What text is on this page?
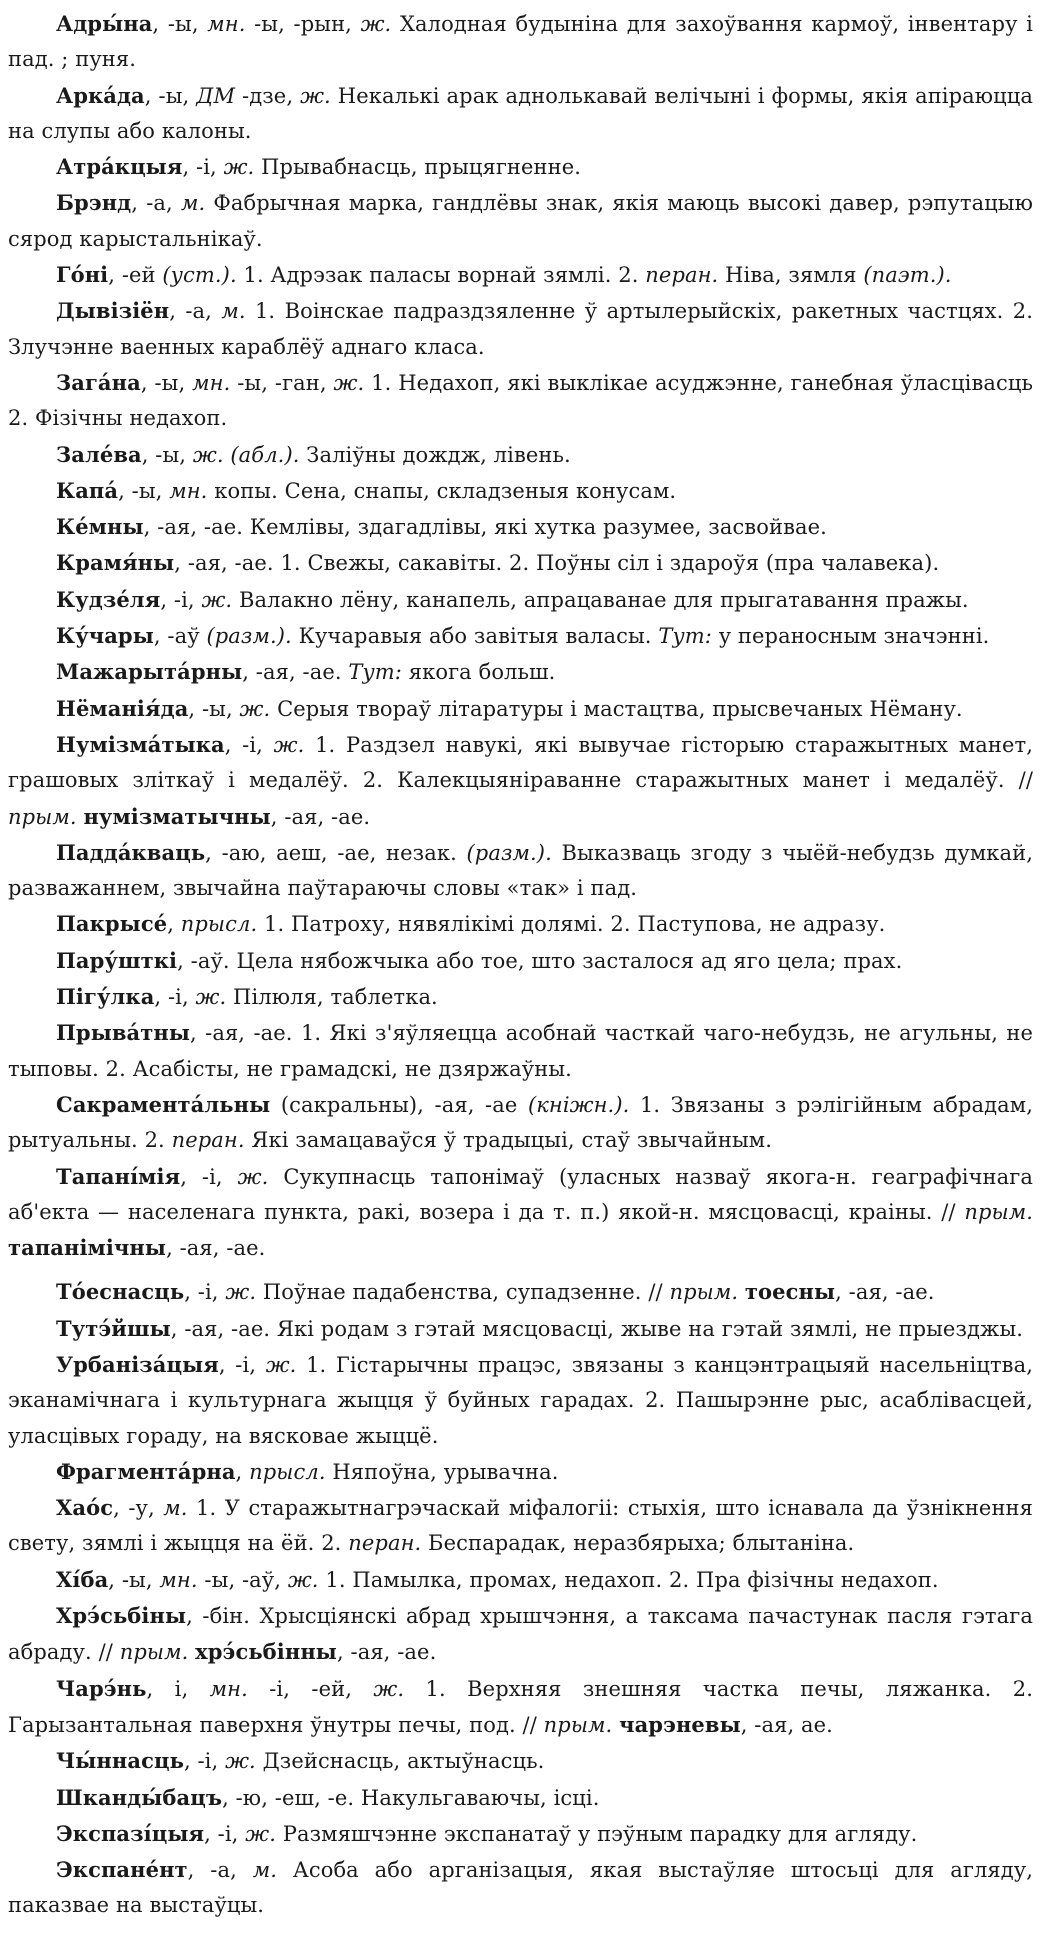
Адры́на, -ы, мн. -ы, -рын, ж. Халодная будыніна для захоўвання кармоў, інвентару і пад. ; пуня.

Арка́да, -ы, ДМ -дзе, ж. Некалькі арак аднолькавай велічыні і формы, якія апіраюцца на слупы або калоны.

Атра́кцыя, -і, ж. Прывабнасць, прыцягненне.

Брэнд, -а, м. Фабрычная марка, гандлёвы знак, якія маюць высокі давер, рэпутацыю сярод карыстальнікаў.

Го́ні, -ей (уст.). 1. Адрэзак паласы ворнай зямлі. 2. перан. Ніва, зямля (паэт.).

Дывізіён, -а, м. 1. Воінскае падраздзяленне ў артылерыйскіх, ракетных частцях. 2. Злучэнне ваенных караблёў аднаго класа.

Зага́на, -ы, мн. -ы, -ган, ж. 1. Недахоп, які выклікае асуджэнне, ганебная ўласцівасць 2. Фізічны недахоп.

Зале́ва, -ы, ж. (абл.). Заліўны дождж, лівень.

Капа́, -ы, мн. копы. Сена, снапы, складзеныя конусам.

Ке́мны, -ая, -ае. Кемлівы, здагадлівы, які хутка разумее, засвойвае.

Крамя́ны, -ая, -ае. 1. Свежы, сакавіты. 2. Поўны сіл і здароўя (пра чалавека).

Кудзе́ля, -і, ж. Валакно лёну, канапель, апрацаванае для прыгатавання пражы.

Ку́чары, -аў (разм.). Кучаравыя або завітыя валасы. Тут: у пераносным значэнні.

Мажарыта́рны, -ая, -ае. Тут: якога больш.

Нёманія́да, -ы, ж. Серыя твораў літаратуры і мастацтва, прысвечаных Нёману.

Нумізма́тыка, -і, ж. 1. Раздзел навукі, які вывучае гісторыю старажытных манет, грашовых зліткаў і медалёў. 2. Калекцыяніраванне старажытных манет і медалёў. // прым. нумізматычны, -ая, -ае.

Падда́кваць, -аю, аеш, -ае, незак. (разм.). Выказваць згоду з чыёй-небудзь думкай, разважаннем, звычайна паўтараючы словы «так» і пад.

Пакрысе́, прысл. 1. Патроху, нявялікімі долямі. 2. Паступова, не адразу.

Пару́шткі, -аў. Цела нябожчыка або тое, што засталося ад яго цела; прах.

Пігу́лка, -і, ж. Пілюля, таблетка.

Прыва́тны, -ая, -ае. 1. Які з'яўляецца асобнай часткай чаго-небудзь, не агульны, не тыповы. 2. Асабісты, не грамадскі, не дзяржаўны.

Сакрамента́льны (сакральны), -ая, -ае (кніжн.). 1. Звязаны з рэлігійным абрадам, рытуальны. 2. перан. Які замацаваўся ў традыцыі, стаў звычайным.

Тапані́мія, -і, ж. Сукупнасць тапонімаў (уласных назваў якога-н. геаграфічнага аб'екта — населенага пункта, ракі, возера і да т. п.) якой-н. мясцовасці, краіны. // прым. тапанімічны, -ая, -ае.

То́еснасць, -і, ж. Поўнае падабенства, супадзенне. // прым. тоесны, -ая, -ае.

Тутэ́йшы, -ая, -ае. Які родам з гэтай мясцовасці, жыве на гэтай зямлі, не прыезджы.

Урбаніза́цыя, -і, ж. 1. Гістарычны працэс, звязаны з канцэнтрацыяй насельніцтва, эканамічнага і культурнага жыцця ў буйных гарадах. 2. Пашырэнне рыс, асаблівасцей, уласцівых гораду, на вясковае жыццё.

Фрагмента́рна, прысл. Няпоўна, урывачна.

Хао́с, -у, м. 1. У старажытнагрэчаскай міфалогіі: стыхія, што існавала да ўзнікнення свету, зямлі і жыцця на ёй. 2. перан. Беспарадак, неразбярыха; блытаніна.

Хі́ба, -ы, мн. -ы, -аў, ж. 1. Памылка, промах, недахоп. 2. Пра фізічны недахоп.

Хрэ́сьбіны, -бін. Хрысціянскі абрад хрышчэння, а таксама пачастунак пасля гэтага абраду. // прым. хрэ́сьбінны, -ая, -ае.

Чарэ́нь, і, мн. -і, -ей, ж. 1. Верхняя знешняя частка печы, ляжанка. 2. Гарызантальная паверхня ўнутры печы, под. // прым. чарэневы, -ая, ае.

Чы́ннасць, -і, ж. Дзейснасць, актыўнасць.

Шканды́бацъ, -ю, -еш, -е. Накульгаваючы, ісці.

Экспазі́цыя, -і, ж. Размяшчэнне экспанатаў у пэўным парадку для агляду.

Экспане́нт, -а, м. Асоба або арганізацыя, якая выстаўляе штосьці для агляду, паказвае на выстаўцы.
